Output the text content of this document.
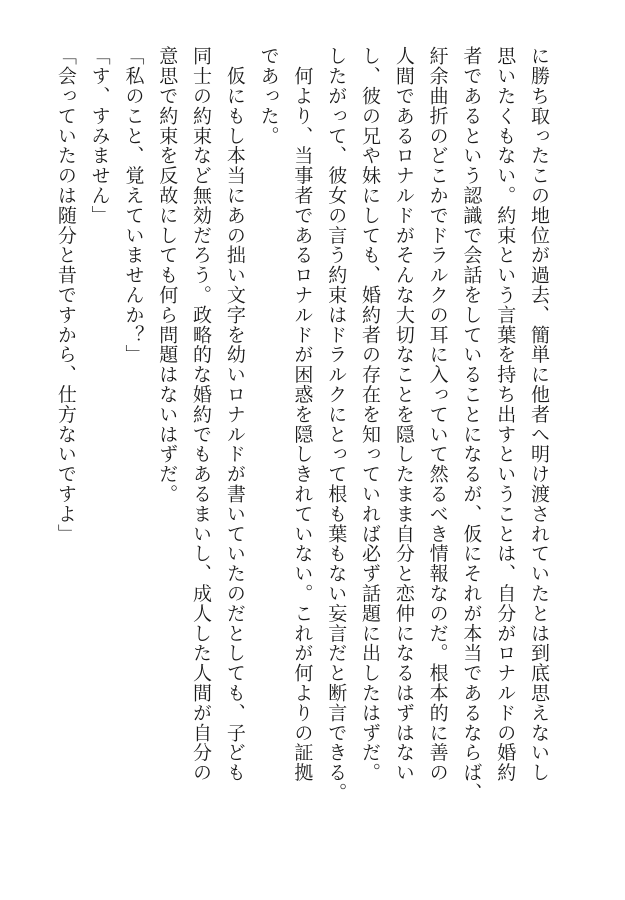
に勝ち取ったこの地位が過去、簡単に他者へ明け渡されていたとは到底思えないし
思いたくもない。約束という言葉を持ち出すということは、自分がロナルドの婚約
者であるという認識で会話をしていることになるが、仮にそれが本当であるならば、
紆余曲折のどこかでドラルクの耳に入っていて然るべき情報なのだ。根本的に善の
人間であるロナルドがそんな大切なことを隠したまま自分と恋仲になるはずはない
し、彼の兄や妹にしても、婚約者の存在を知っていれば必ず話題に出したはずだ。
したがって、彼女の言う約束はドラルクにとって根も葉もない妄言だと断言できる。
　何より、当事者であるロナルドが困惑を隠しきれていない。これが何よりの証拠
であった。
　仮にもし本当にあの拙い文字を幼いロナルドが書いていたのだとしても、子ども
同士の約束など無効だろう。政略的な婚約でもあるまいし、成人した人間が自分の
意思で約束を反故にしても何ら問題はないはずだ。
「私のこと、覚えていませんか？」
「す、すみません」
「会っていたのは随分と昔ですから、仕方ないですよ」
